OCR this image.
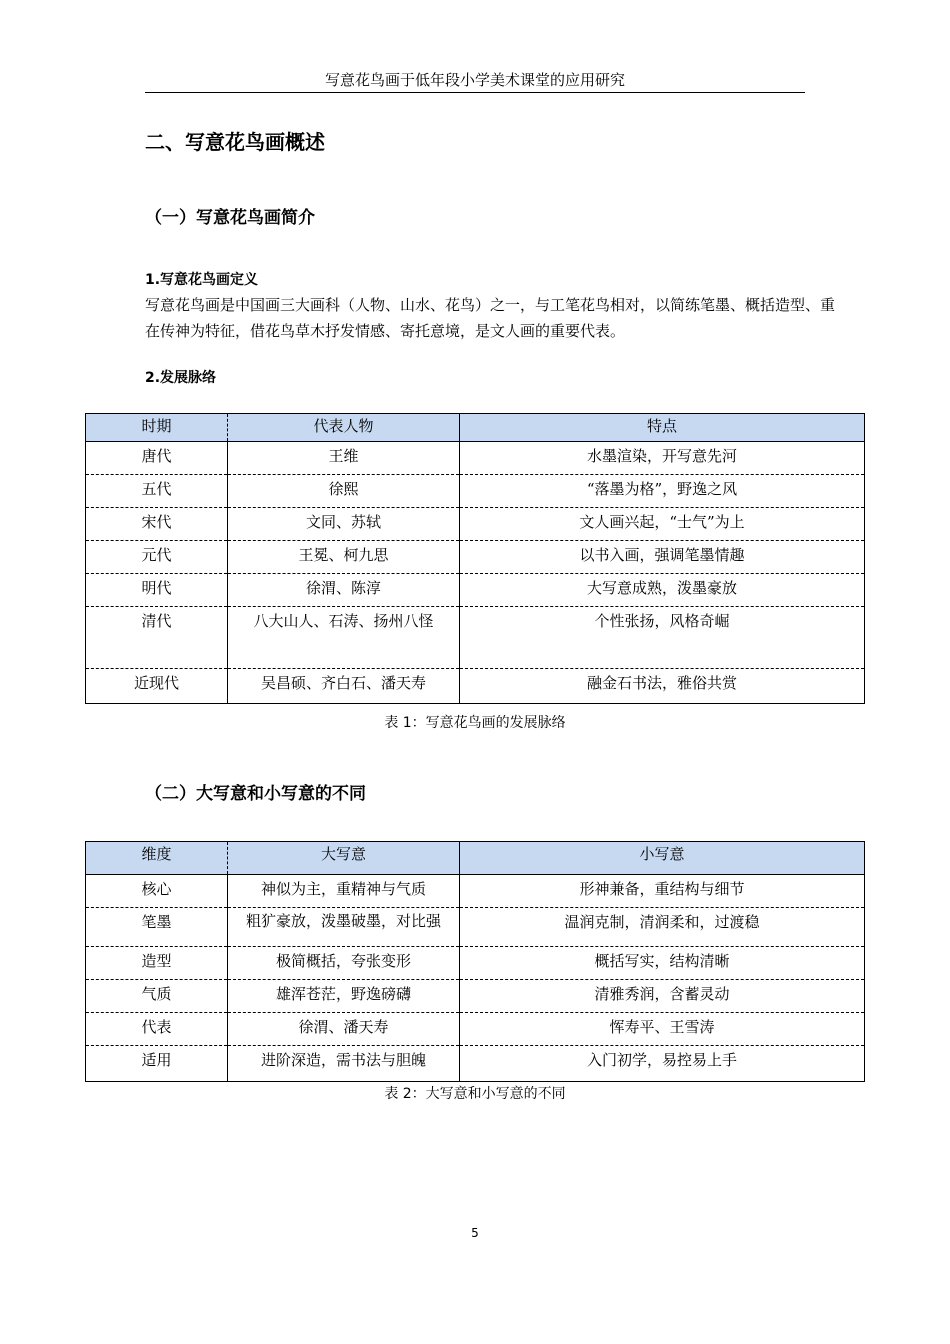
写意花鸟画于低年段小学美术课堂的应用研究
二、写意花鸟画概述
（一）写意花鸟画简介
1.写意花鸟画定义
写意花鸟画是中国画三大画科（人物、山水、花鸟）之一，与工笔花鸟相对，以简练笔墨、概括造型、重在传神为特征，借花鸟草木抒发情感、寄托意境，是文人画的重要代表。
2.发展脉络
时期	代表人物	特点
唐代	王维	水墨渲染，开写意先河
五代	徐熙	“落墨为格”，野逸之风
宋代	文同、苏轼	文人画兴起，“士气”为上
元代	王冕、柯九思	以书入画，强调笔墨情趣
明代	徐渭、陈淳	大写意成熟，泼墨豪放
清代	八大山人、石涛、扬州八怪	个性张扬，风格奇崛
近现代	吴昌硕、齐白石、潘天寿	融金石书法，雅俗共赏
表 1：写意花鸟画的发展脉络
（二）大写意和小写意的不同
维度	大写意	小写意
核心	神似为主，重精神与气质	形神兼备，重结构与细节
笔墨	粗犷豪放，泼墨破墨，对比强	温润克制，清润柔和，过渡稳
造型	极简概括，夸张变形	概括写实，结构清晰
气质	雄浑苍茫，野逸磅礴	清雅秀润，含蓄灵动
代表	徐渭、潘天寿	恽寿平、王雪涛
适用	进阶深造，需书法与胆魄	入门初学，易控易上手
表 2：大写意和小写意的不同
5
